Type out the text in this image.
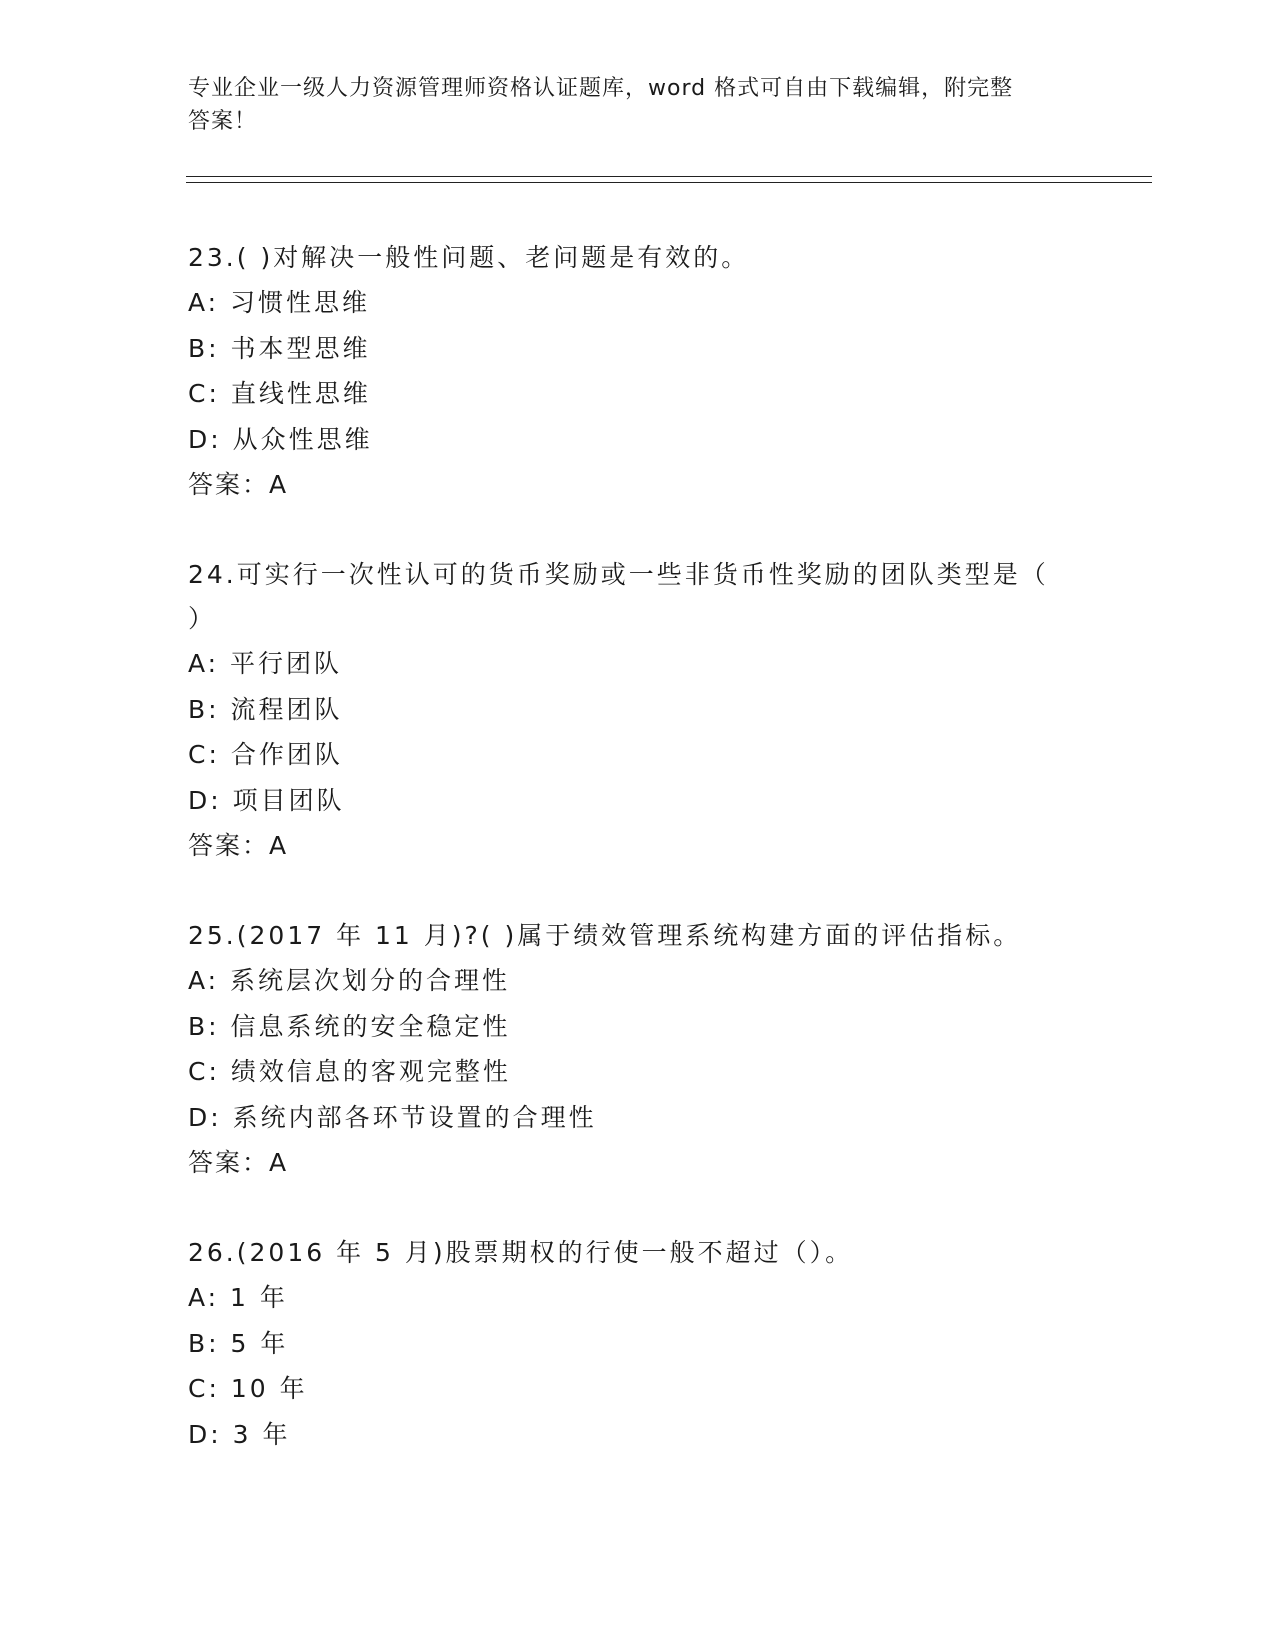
专业企业一级人力资源管理师资格认证题库，word 格式可自由下载编辑，附完整
答案！

23.( )对解决一般性问题、老问题是有效的。

A: 习惯性思维

B: 书本型思维

C: 直线性思维

D: 从众性思维

答案：A

24.可实行一次性认可的货币奖励或一些非货币性奖励的团队类型是（

）

A: 平行团队

B: 流程团队

C: 合作团队

D: 项目团队

答案：A

25.(2017 年 11 月)?( )属于绩效管理系统构建方面的评估指标。

A: 系统层次划分的合理性

B: 信息系统的安全稳定性

C: 绩效信息的客观完整性

D: 系统内部各环节设置的合理性

答案：A

26.(2016 年 5 月)股票期权的行使一般不超过（）。

A: 1 年

B: 5 年

C: 10 年

D: 3 年
